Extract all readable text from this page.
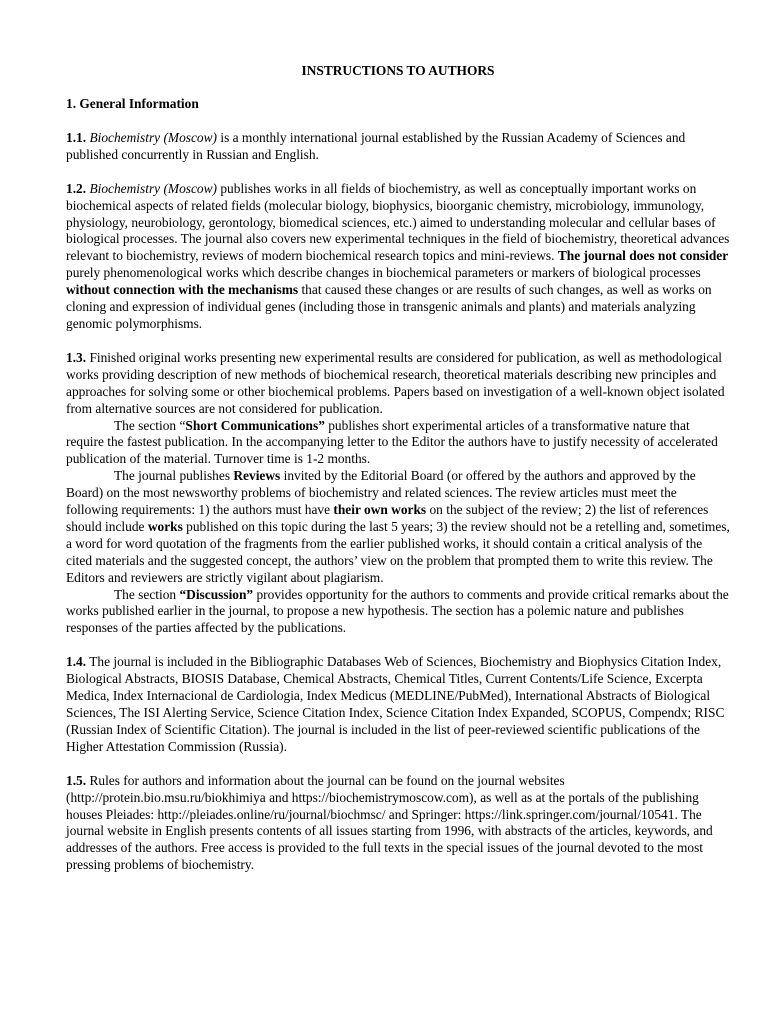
INSTRUCTIONS TO AUTHORS
1. General Information

1.1. Biochemistry (Moscow) is a monthly international journal established by the Russian Academy of Sciences and published concurrently in Russian and English.

1.2. Biochemistry (Moscow) publishes works in all fields of biochemistry, as well as conceptually important works on biochemical aspects of related fields (molecular biology, biophysics, bioorganic chemistry, microbiology, immunology, physiology, neurobiology, gerontology, biomedical sciences, etc.) aimed to understanding molecular and cellular bases of biological processes. The journal also covers new experimental techniques in the field of biochemistry, theoretical advances relevant to biochemistry, reviews of modern biochemical research topics and mini-reviews. The journal does not consider purely phenomenological works which describe changes in biochemical parameters or markers of biological processes without connection with the mechanisms that caused these changes or are results of such changes, as well as works on cloning and expression of individual genes (including those in transgenic animals and plants) and materials analyzing genomic polymorphisms.

1.3. Finished original works presenting new experimental results are considered for publication, as well as methodological works providing description of new methods of biochemical research, theoretical materials describing new principles and approaches for solving some or other biochemical problems. Papers based on investigation of a well-known object isolated from alternative sources are not considered for publication.

The section “Short Communications” publishes short experimental articles of a transformative nature that require the fastest publication. In the accompanying letter to the Editor the authors have to justify necessity of accelerated publication of the material. Turnover time is 1-2 months.

The journal publishes Reviews invited by the Editorial Board (or offered by the authors and approved by the Board) on the most newsworthy problems of biochemistry and related sciences. The review articles must meet the following requirements: 1) the authors must have their own works on the subject of the review; 2) the list of references should include works published on this topic during the last 5 years; 3) the review should not be a retelling and, sometimes, a word for word quotation of the fragments from the earlier published works, it should contain a critical analysis of the cited materials and the suggested concept, the authors’ view on the problem that prompted them to write this review. The Editors and reviewers are strictly vigilant about plagiarism.

The section “Discussion” provides opportunity for the authors to comments and provide critical remarks about the works published earlier in the journal, to propose a new hypothesis. The section has a polemic nature and publishes responses of the parties affected by the publications.

1.4. The journal is included in the Bibliographic Databases Web of Sciences, Biochemistry and Biophysics Citation Index, Biological Abstracts, BIOSIS Database, Chemical Abstracts, Chemical Titles, Current Contents/Life Science, Excerpta Medica, Index Internacional de Cardiologia, Index Medicus (MEDLINE/PubMed), International Abstracts of Biological Sciences, The ISI Alerting Service, Science Citation Index, Science Citation Index Expanded, SCOPUS, Compendx; RISC (Russian Index of Scientific Citation). The journal is included in the list of peer-reviewed scientific publications of the Higher Attestation Commission (Russia).

1.5. Rules for authors and information about the journal can be found on the journal websites (http://protein.bio.msu.ru/biokhimiya and https://biochemistrymoscow.com), as well as at the portals of the publishing houses Pleiades: http://pleiades.online/ru/journal/biochmsc/ and Springer: https://link.springer.com/journal/10541. The journal website in English presents contents of all issues starting from 1996, with abstracts of the articles, keywords, and addresses of the authors. Free access is provided to the full texts in the special issues of the journal devoted to the most pressing problems of biochemistry.
